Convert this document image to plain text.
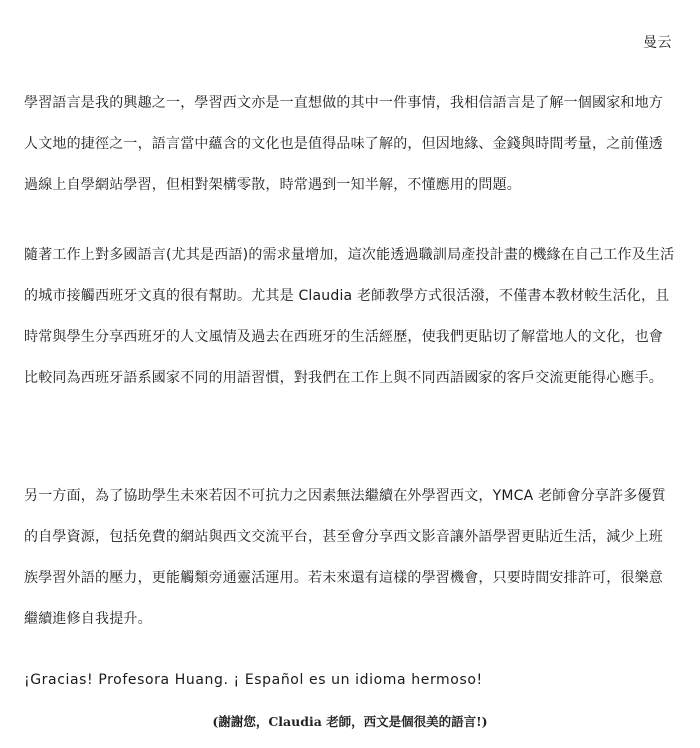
曼云

學習語言是我的興趣之一，學習西文亦是一直想做的其中一件事情，我相信語言是了解一個國家和地方人文地的捷徑之一，語言當中蘊含的文化也是值得品味了解的，但因地緣、金錢與時間考量，之前僅透過線上自學網站學習，但相對架構零散，時常遇到一知半解，不懂應用的問題。

隨著工作上對多國語言(尤其是西語)的需求量增加，這次能透過職訓局產投計畫的機緣在自己工作及生活的城市接觸西班牙文真的很有幫助。尤其是 Claudia 老師教學方式很活潑，不僅書本教材較生活化，且時常與學生分享西班牙的人文風情及過去在西班牙的生活經歷，使我們更貼切了解當地人的文化，也會比較同為西班牙語系國家不同的用語習慣，對我們在工作上與不同西語國家的客戶交流更能得心應手。

另一方面，為了協助學生未來若因不可抗力之因素無法繼續在外學習西文，YMCA 老師會分享許多優質的自學資源，包括免費的網站與西文交流平台，甚至會分享西文影音讓外語學習更貼近生活，減少上班族學習外語的壓力，更能觸類旁通靈活運用。若未來還有這樣的學習機會，只要時間安排許可，很樂意繼續進修自我提升。

¡Gracias! Profesora Huang. ¡ Español es un idioma hermoso!
(謝謝您，Claudia 老師，西文是個很美的語言!)
